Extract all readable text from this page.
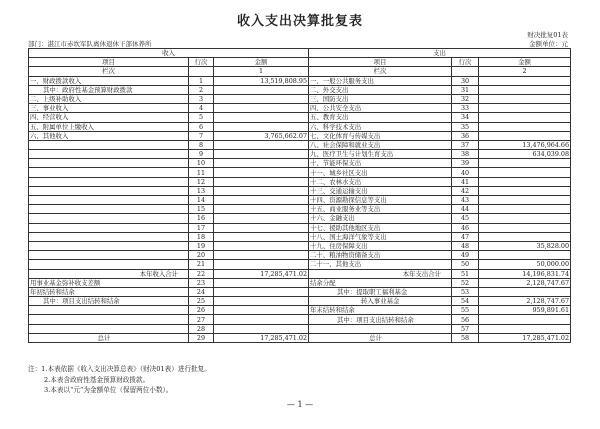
收入支出决算批复表
财决批复01表
部门：湛江市赤坎军队离休退休干部休养所	金额单位：元
收入			支出		
项目	行次	金额	项目	行次	金额
栏次		1	栏次		2
一、财政拨款收入	1	13,519,808.95	一、一般公共服务支出	30	
其中：政府性基金预算财政拨款	2		二、外交支出	31	
二、上级补助收入	3		三、国防支出	32	
三、事业收入	4		四、公共安全支出	33	
四、经营收入	5		五、教育支出	34	
五、附属单位上缴收入	6		六、科学技术支出	35	
六、其他收入	7	3,765,662.07	七、文化体育与传媒支出	36	
	8		八、社会保障和就业支出	37	13,476,964.66
	9		九、医疗卫生与计划生育支出	38	634,039.08
	10		十、节能环保支出	39	
	11		十一、城乡社区支出	40	
	12		十二、农林水支出	41	
	13		十三、交通运输支出	42	
	14		十四、资源勘探信息等支出	43	
	15		十五、商业服务业等支出	44	
	16		十六、金融支出	45	
	17		十七、援助其他地区支出	46	
	18		十八、国土海洋气象等支出	47	
	19		十九、住房保障支出	48	35,828.00
	20		二十、粮油物资储备支出	49	
	21		二十一、其他支出	50	50,000.00
本年收入合计	22	17,285,471.02	本年支出合计	51	14,196,831.74
用事业基金弥补收支差额	23		结余分配	52	2,128,747.67
年初结转和结余	24		其中：提取职工福利基金	53	
其中：项目支出结转和结余	25		转入事业基金	54	2,128,747.67
	26		年末结转和结余	55	959,891.61
	27		其中：项目支出结转和结余	56	
	28			57	
总计	29	17,285,471.02	总计	58	17,285,471.02
注：1.本表依据《收入支出决算总表》（财决01表）进行批复。
2.本表含政府性基金预算财政拨款。
3.本表以“元”为金额单位（保留两位小数）。
— 1 —
